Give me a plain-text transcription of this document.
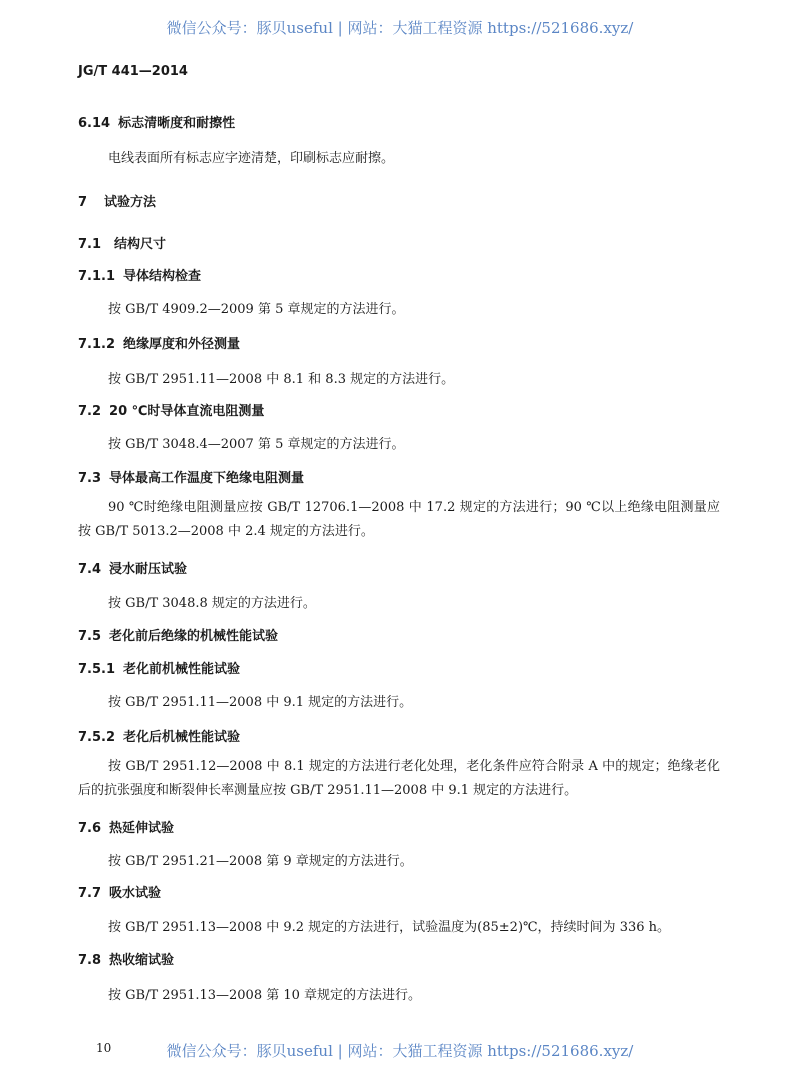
微信公众号：豚贝useful | 网站：大猫工程资源 https://521686.xyz/
JG/T 441—2014
6.14 标志清晰度和耐擦性
电线表面所有标志应字迹清楚，印刷标志应耐擦。
7 试验方法
7.1 结构尺寸
7.1.1 导体结构检查
按 GB/T 4909.2—2009 第 5 章规定的方法进行。
7.1.2 绝缘厚度和外径测量
按 GB/T 2951.11—2008 中 8.1 和 8.3 规定的方法进行。
7.2 20 ℃时导体直流电阻测量
按 GB/T 3048.4—2007 第 5 章规定的方法进行。
7.3 导体最高工作温度下绝缘电阻测量
90 ℃时绝缘电阻测量应按 GB/T 12706.1—2008 中 17.2 规定的方法进行；90 ℃以上绝缘电阻测量应按 GB/T 5013.2—2008 中 2.4 规定的方法进行。
7.4 浸水耐压试验
按 GB/T 3048.8 规定的方法进行。
7.5 老化前后绝缘的机械性能试验
7.5.1 老化前机械性能试验
按 GB/T 2951.11—2008 中 9.1 规定的方法进行。
7.5.2 老化后机械性能试验
按 GB/T 2951.12—2008 中 8.1 规定的方法进行老化处理，老化条件应符合附录 A 中的规定；绝缘老化后的抗张强度和断裂伸长率测量应按 GB/T 2951.11—2008 中 9.1 规定的方法进行。
7.6 热延伸试验
按 GB/T 2951.21—2008 第 9 章规定的方法进行。
7.7 吸水试验
按 GB/T 2951.13—2008 中 9.2 规定的方法进行，试验温度为(85±2)℃，持续时间为 336 h。
7.8 热收缩试验
按 GB/T 2951.13—2008 第 10 章规定的方法进行。
10	微信公众号：豚贝useful | 网站：大猫工程资源 https://521686.xyz/
